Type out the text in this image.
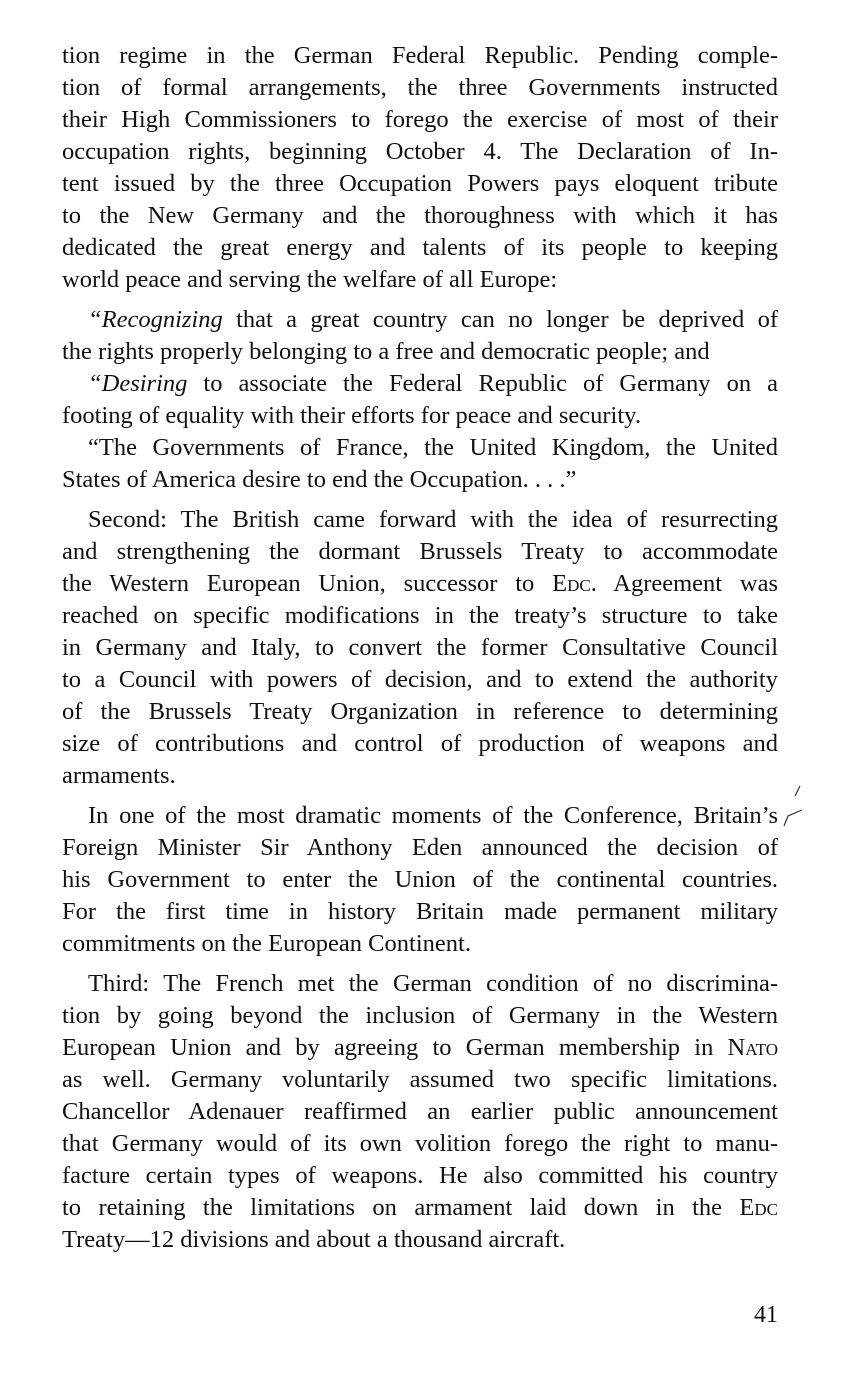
tion regime in the German Federal Republic. Pending comple-
tion of formal arrangements, the three Governments instructed
their High Commissioners to forego the exercise of most of their
occupation rights, beginning October 4. The Declaration of In-
tent issued by the three Occupation Powers pays eloquent tribute
to the New Germany and the thoroughness with which it has
dedicated the great energy and talents of its people to keeping
world peace and serving the welfare of all Europe:
“Recognizing that a great country can no longer be deprived of
the rights properly belonging to a free and democratic people; and
“Desiring to associate the Federal Republic of Germany on a
footing of equality with their efforts for peace and security.
“The Governments of France, the United Kingdom, the United
States of America desire to end the Occupation. . . .”
Second: The British came forward with the idea of resurrecting
and strengthening the dormant Brussels Treaty to accommodate
the Western European Union, successor to Edc. Agreement was
reached on specific modifications in the treaty’s structure to take
in Germany and Italy, to convert the former Consultative Council
to a Council with powers of decision, and to extend the authority
of the Brussels Treaty Organization in reference to determining
size of contributions and control of production of weapons and
armaments.
In one of the most dramatic moments of the Conference, Britain’s
Foreign Minister Sir Anthony Eden announced the decision of
his Government to enter the Union of the continental countries.
For the first time in history Britain made permanent military
commitments on the European Continent.
Third: The French met the German condition of no discrimina-
tion by going beyond the inclusion of Germany in the Western
European Union and by agreeing to German membership in Nato
as well. Germany voluntarily assumed two specific limitations.
Chancellor Adenauer reaffirmed an earlier public announcement
that Germany would of its own volition forego the right to manu-
facture certain types of weapons. He also committed his country
to retaining the limitations on armament laid down in the Edc
Treaty—12 divisions and about a thousand aircraft.
41
